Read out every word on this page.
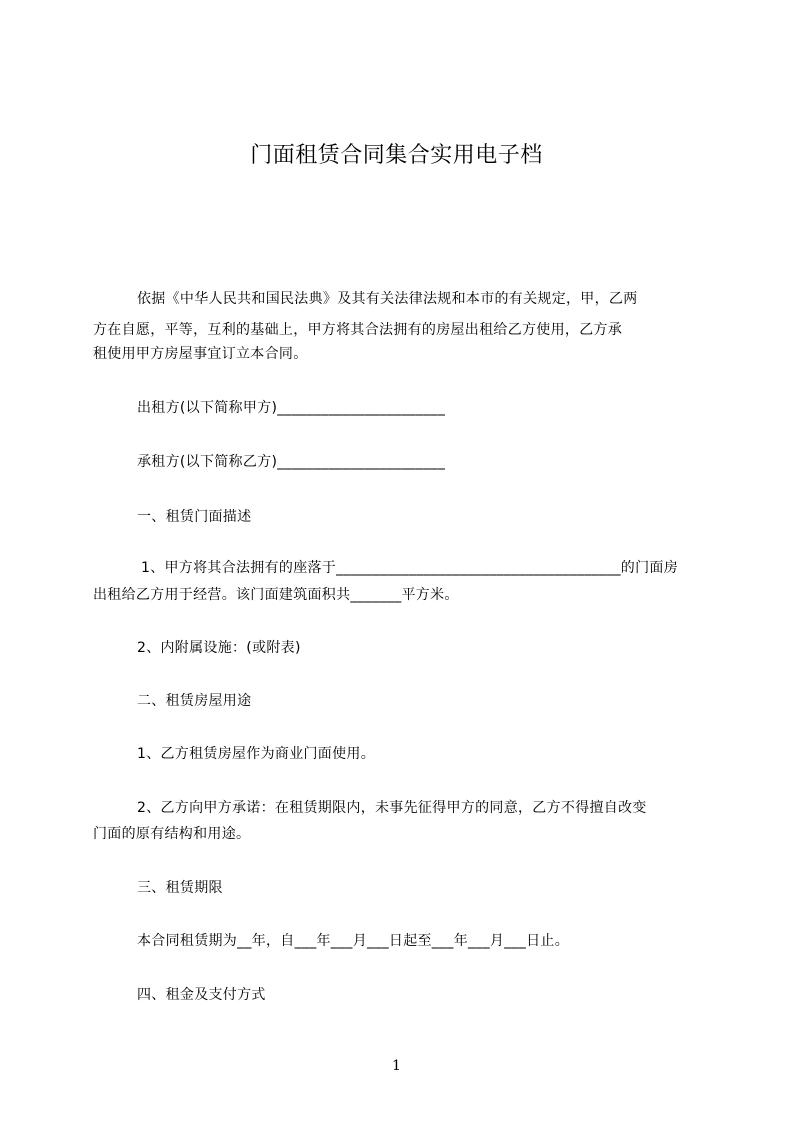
门面租赁合同集合实用电子档
依据《中华人民共和国民法典》及其有关法律法规和本市的有关规定，甲，乙两
方在自愿，平等，互利的基础上，甲方将其合法拥有的房屋出租给乙方使用，乙方承
租使用甲方房屋事宜订立本合同。
出租方(以下简称甲方)_______________________
承租方(以下简称乙方)_______________________
一、租赁门面描述
1、甲方将其合法拥有的座落于_______________________________________的门面房
出租给乙方用于经营。该门面建筑面积共_______平方米。
2、内附属设施：(或附表)
二、租赁房屋用途
1、乙方租赁房屋作为商业门面使用。
2、乙方向甲方承诺：在租赁期限内，未事先征得甲方的同意，乙方不得擅自改变
门面的原有结构和用途。
三、租赁期限
本合同租赁期为__年，自___年___月___日起至___年___月___日止。
四、租金及支付方式
1
